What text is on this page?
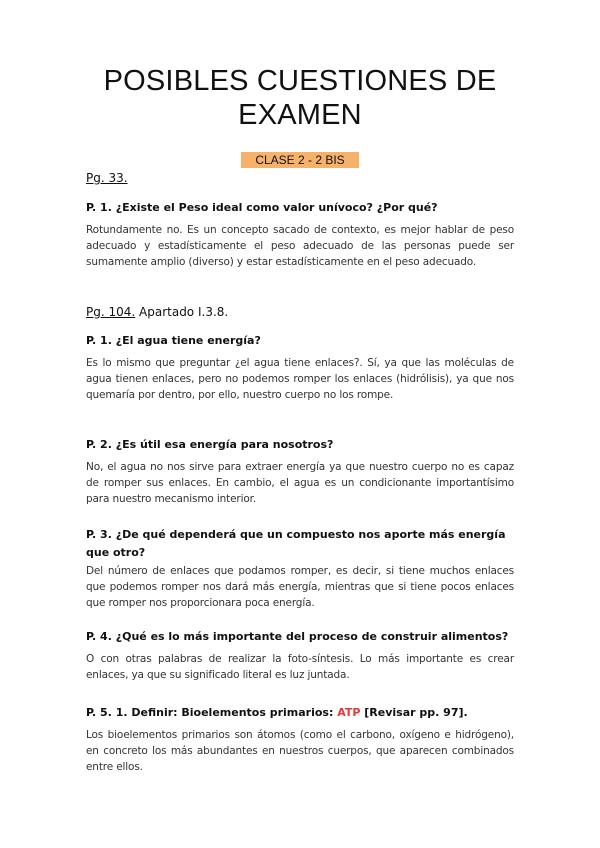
POSIBLES CUESTIONES DE EXAMEN
CLASE 2 - 2 BIS
Pg. 33.
P. 1. ¿Existe el Peso ideal como valor unívoco? ¿Por qué?
Rotundamente no. Es un concepto sacado de contexto, es mejor hablar de peso adecuado y estadísticamente el peso adecuado de las personas puede ser sumamente amplio (diverso) y estar estadísticamente en el peso adecuado.
Pg. 104. Apartado I.3.8.
P. 1. ¿El agua tiene energía?
Es lo mismo que preguntar ¿el agua tiene enlaces?. Sí, ya que las moléculas de agua tienen enlaces, pero no podemos romper los enlaces (hidrólisis), ya que nos quemaría por dentro, por ello, nuestro cuerpo no los rompe.
P. 2. ¿Es útil esa energía para nosotros?
No, el agua no nos sirve para extraer energía ya que nuestro cuerpo no es capaz de romper sus enlaces. En cambio, el agua es un condicionante importantísimo para nuestro mecanismo interior.
P. 3. ¿De qué dependerá que un compuesto nos aporte más energía que otro?
Del número de enlaces que podamos romper, es decir, si tiene muchos enlaces que podemos romper nos dará más energía, mientras que si tiene pocos enlaces que romper nos proporcionara poca energía.
P. 4. ¿Qué es lo más importante del proceso de construir alimentos?
O con otras palabras de realizar la foto-síntesis. Lo más importante es crear enlaces, ya que su significado literal es luz juntada.
P. 5. 1. Definir: Bioelementos primarios: ATP [Revisar pp. 97].
Los bioelementos primarios son átomos (como el carbono, oxígeno e hidrógeno), en concreto los más abundantes en nuestros cuerpos, que aparecen combinados entre ellos.
